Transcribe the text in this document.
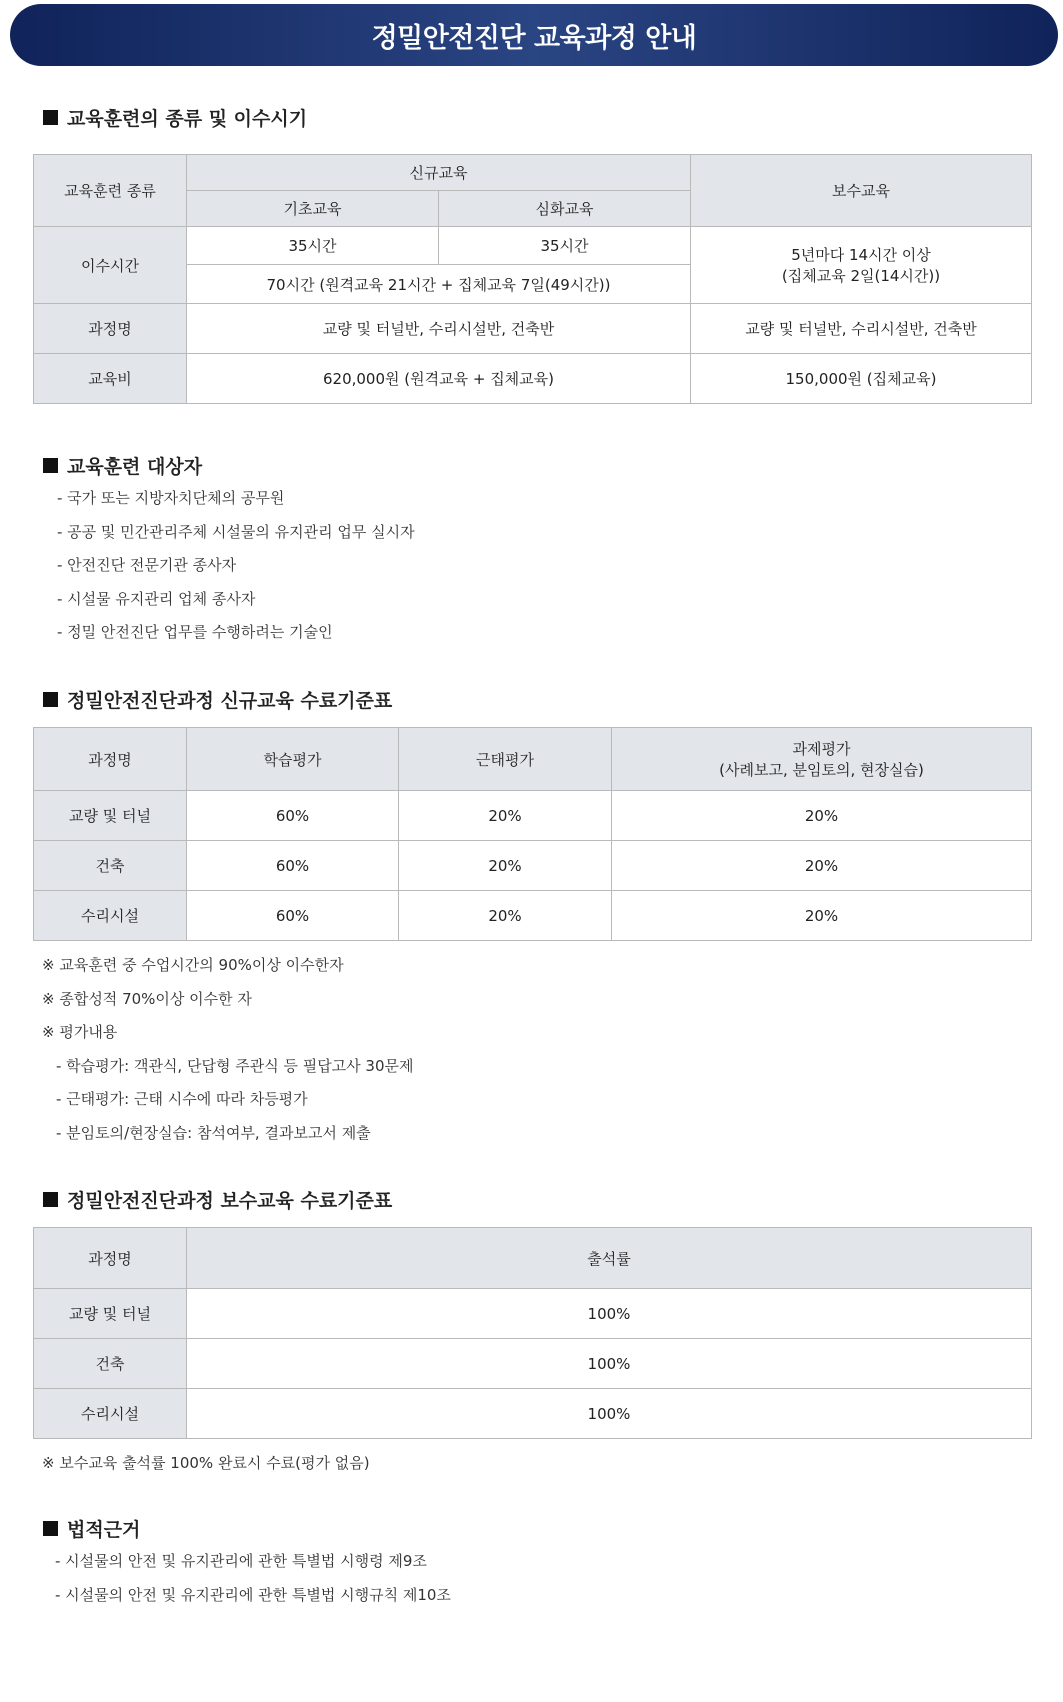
정밀안전진단 교육과정 안내
교육훈련의 종류 및 이수시기
교육훈련 종류	신규교육		보수교육
	기초교육	심화교육	
이수시간	35시간	35시간	5년마다 14시간 이상
(집체교육 2일(14시간))

	70시간 (원격교육 21시간 + 집체교육 7일(49시간))		
과정명	교량 및 터널반, 수리시설반, 건축반		교량 및 터널반, 수리시설반, 건축반
교육비	620,000원 (원격교육 + 집체교육)		150,000원 (집체교육)
교육훈련 대상자
- 국가 또는 지방자치단체의 공무원
- 공공 및 민간관리주체 시설물의 유지관리 업무 실시자
- 안전진단 전문기관 종사자
- 시설물 유지관리 업체 종사자
- 정밀 안전진단 업무를 수행하려는 기술인
정밀안전진단과정 신규교육 수료기준표
과정명	학습평가	근태평가	과제평가
(사례보고, 분임토의, 현장실습)

교량 및 터널	60%	20%	20%
건축	60%	20%	20%
수리시설	60%	20%	20%
※ 교육훈련 중 수업시간의 90%이상 이수한자
※ 종합성적 70%이상 이수한 자
※ 평가내용
- 학습평가: 객관식, 단답형 주관식 등 필답고사 30문제
- 근태평가: 근태 시수에 따라 차등평가
- 분임토의/현장실습: 참석여부, 결과보고서 제출
정밀안전진단과정 보수교육 수료기준표
과정명	출석률
교량 및 터널	100%
건축	100%
수리시설	100%
※ 보수교육 출석률 100% 완료시 수료(평가 없음)
법적근거
- 시설물의 안전 및 유지관리에 관한 특별법 시행령 제9조
- 시설물의 안전 및 유지관리에 관한 특별법 시행규칙 제10조
